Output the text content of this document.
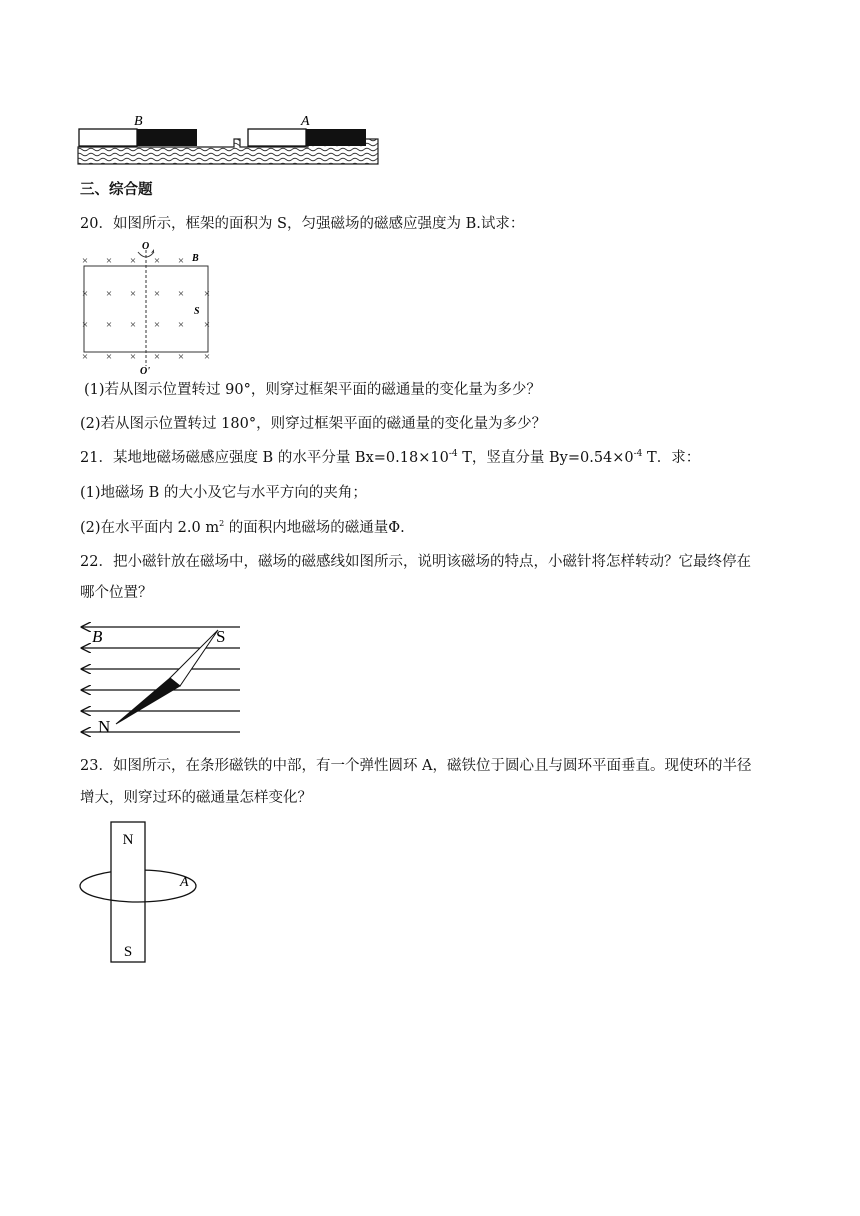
B	A
三、综合题
20．如图所示，框架的面积为 S，匀强磁场的磁感应强度为 B.试求：
× × × × ×
× × × × × ×
× × × × × ×
× × × × × ×
O
B
S
O'
(1)若从图示位置转过 90°，则穿过框架平面的磁通量的变化量为多少？
(2)若从图示位置转过 180°，则穿过框架平面的磁通量的变化量为多少？
21．某地地磁场磁感应强度 B 的水平分量 $Bx=0.18\times 10^{-4}$ T，竖直分量 $By=0.54\times 0^{-4}$ T．求：
(1)地磁场 B 的大小及它与水平方向的夹角；
(2)在水平面内 2.0 $m^2$ 的面积内地磁场的磁通量Φ.
22．把小磁针放在磁场中，磁场的磁感线如图所示，说明该磁场的特点，小磁针将怎样转动？它最终停在
哪个位置？
B	S
N
23．如图所示，在条形磁铁的中部，有一个弹性圆环 A，磁铁位于圆心且与圆环平面垂直。现使环的半径
增大，则穿过环的磁通量怎样变化？
N
S
A
